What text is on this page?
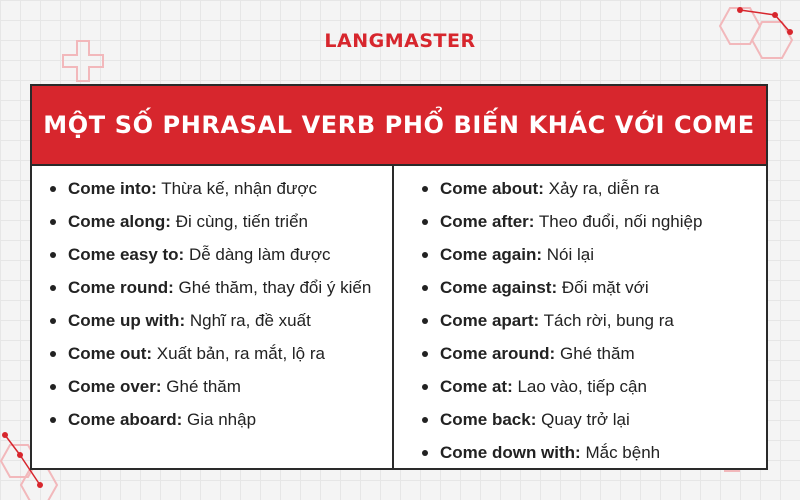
LANGMASTER
MỘT SỐ PHRASAL VERB PHỔ BIẾN KHÁC VỚI COME
Come into: Thừa kế, nhận được
Come along: Đi cùng, tiến triển
Come easy to: Dễ dàng làm được
Come round: Ghé thăm, thay đổi ý kiến
Come up with: Nghĩ ra, đề xuất
Come out: Xuất bản, ra mắt, lộ ra
Come over: Ghé thăm
Come aboard: Gia nhập
Come about: Xảy ra, diễn ra
Come after: Theo đuổi, nối nghiệp
Come again: Nói lại
Come against: Đối mặt với
Come apart: Tách rời, bung ra
Come around: Ghé thăm
Come at: Lao vào, tiếp cận
Come back: Quay trở lại
Come down with: Mắc bệnh
